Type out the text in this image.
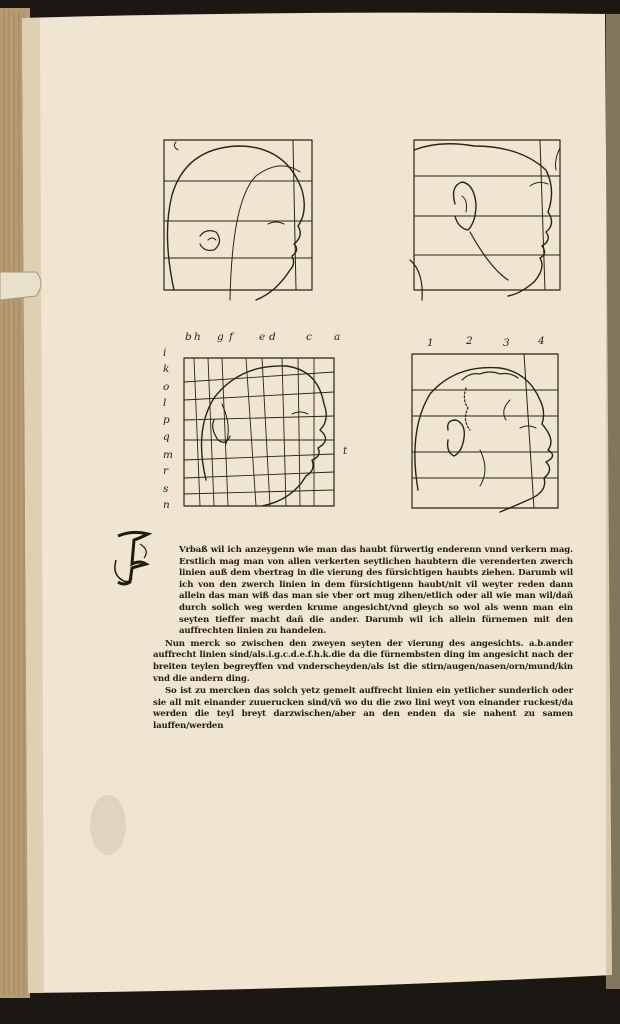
b h g f e d	c a
i
k
o
l
p
q
m
r
s
n
t
1	2	3	4
F

Vrbaß wil ich anzeygenn wie man das haubt fürwertig enderenn vnnd verkern mag. Erstlich mag man von allen verkerten seytlichen haubtern die verenderten zwerch linien auß dem vbertrag in die vierung des fürsichtigen haubts ziehen. Darumb wil ich von den zwerch linien in dem fürsichtigenn haubt/nit vil weyter reden dann allein das man wiß das man sie vber ort mug zihen/etlich oder all wie man wil/dañ durch solich weg werden krume angesicht/vnd gleych so wol als wenn man ein seyten tieffer macht dañ die ander. Darumb wil ich allein fürnemen mit den auffrechten linien zu handelen.

Nun merck so zwischen den zweyen seyten der vierung des angesichts. a.b.ander auffrecht linien sind/als.i.g.c.d.e.f.h.k.die da die fürnembsten ding im angesicht nach der breiten teylen begreyffen vnd vnderscheyden/als ist die stirn/augen/nasen/orn/mund/kin vnd die andern ding.

So ist zu mercken das solch yetz gemelt auffrecht linien ein yetlicher sunderlich oder sie all mit einander zuuerucken sind/vñ wo du die zwo lini weyt von einander ruckest/da werden die teyl breyt darzwischen/aber an den enden da sie nahent zu samen lauffen/werden
